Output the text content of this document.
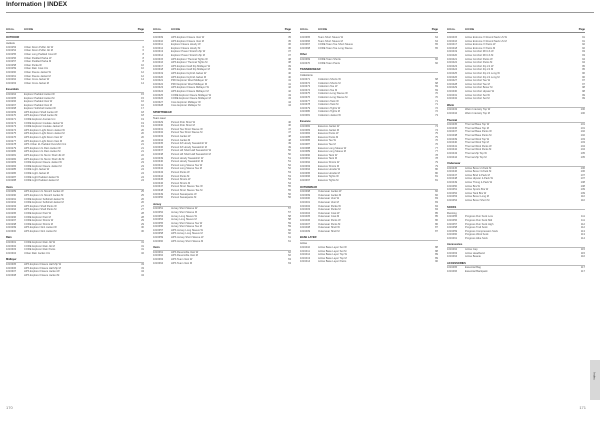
Information | INDEX
Art no.	Art title	Page
OUTDOOR
Jackets
1016253	Urban Down Puffer Jkt W	6
1016254	Urban Down Puffer Jkt M	6
1016255	Urban Long Padded Coat W	8
1016256	Urban Padded Parka W	8
1016257	Urban Padded Parka M	8
1016258	Urban Parka W	10
1016259	Urban Rain Coat Uni	10
1016260	Urban Fleece Jacket W	12
1016261	Urban Fleece Jacket M	12
1016262	Urban Crew Jacket W	14
1016263	Urban Crew Jacket M	14
Essentials
1016264	Explorer Padded Jacket W	15
1016265	Explorer Padded Jacket M	15
1016266	Explorer Padded Vest W	16
1016267	Explorer Padded Vest M	16
1016268	Explorer Softshell Jacket W	17
1016269	HPS Explorer Shell Jacket W	18
1016270	HPS Explorer Shell Jacket M	18
1016271	CORE Explorer Anorak Uni	19
1016272	CORE Explorer Insulate Jacket W	19
1016273	CORE Explorer Insulate Jacket M	19
1016274	HPS Explorer Light Down Jacket W	20
1016275	HPS Explorer Light Down Jacket M	20
1016276	HPS Explorer Light Down Vest W	20
1016277	HPS Explorer Light Down Vest M	20
1016278	HPS Urban 2L Padded Overshirt Uni	21
1016279	HPS Explorer 2L Rain Jacket W	21
1016280	HPS Explorer 2L Rain Jacket M	21
1016281	HPS Explorer 3L Storm Shell Jkt W	22
1016282	HPS Explorer 3L Storm Shell Jkt M	22
1016283	CORE Explorer Fleece Jacket W	23
1016284	CORE Explorer Fleece Jacket M	23
1016285	CORE Light Jacket W	24
1016286	CORE Light Jacket M	24
1016287	CORE Light Padded Jacket W	24
1016288	CORE Light Padded Jacket M	24
Vests
1016289	HPS Explorer 2L Stretch Jacket W	25
1016290	HPS Explorer 2L Stretch Jacket M	25
1016291	CORE Explorer Softshell Jacket W	26
1016292	CORE Explorer Softshell Jacket M	26
1016293	HPS Explorer Shell Pants W	27
1016294	HPS Explorer Shell Pants M	27
1016295	CORE Explorer Pant W	28
1016296	CORE Explorer Pant M	28
1016297	CORE Explorer Shorts W	29
1016298	CORE Explorer Shorts M	29
1016299	HPS Explorer 3in1 Jacket W	30
1016300	HPS Explorer 3in1 Jacket M	30
Rain
1016301	CORE Explorer Rain Jkt W	31
1016302	CORE Explorer Rain Jkt M	31
1016303	CORE Explorer Rain Pants	31
1016304	Urban Rain Jacket Uni	32
Midlayer
1016305	HPS Explorer Fleece Half Zip W	33
1016306	HPS Explorer Fleece Half Zip M	33
1016307	HPS Explorer Fleece Jacket W	34
1016308	HPS Explorer Fleece Jacket M	34
Art no.	Art title	Page
1016309	HPS Explorer Fleece Vest W	35
1016310	HPS Explorer Fleece Vest M	35
1016311	Explorer Fleece Hoody W	36
1016312	Explorer Fleece Hoody M	36
1016313	Explorer Power Stretch Zip W	37
1016314	Explorer Power Stretch Zip M	37
1016315	HPS Explorer Thermal Tights W	38
1016316	HPS Explorer Thermal Tights M	38
1016317	HPS Explorer Half Zip Midlayer W	39
1016318	HPS Explorer Half Zip Midlayer M	39
1016319	HPS Explorer Hybrid Jacket W	40
1016320	HPS Explorer Hybrid Jacket M	40
1016321	PRO Explorer Wool Midlayer W	41
1016322	PRO Explorer Wool Midlayer M	41
1016323	HPS Explorer Fleece Midlayer W	42
1016324	HPS Explorer Fleece Midlayer M	42
1016325	CORE Explorer Fleece Midlayer W	43
1016326	CORE Explorer Fleece Midlayer M	43
1016327	Core Explorer Midlayer W	44
1016328	Core Explorer Midlayer M	44
SPORTSWEAR
Team wear
1016329	Pursuit Polo Short W	46
1016330	Pursuit Polo Short M	46
1016331	Pursuit Tee Short Sleeve W	47
1016332	Pursuit Tee Short Sleeve M	47
1016333	Pursuit Jacket W	48
1016334	Pursuit Jacket M	48
1016335	Pursuit FZ Hoody Sweatshirt W	49
1016336	Pursuit FZ Hoody Sweatshirt M	49
1016337	Pursuit HZ Shell Half Sweatshirt W	50
1016338	Pursuit HZ Shell Half Sweatshirt M	50
1016339	Pursuit Hoody Sweatshirt W	51
1016340	Pursuit Hoody Sweatshirt M	51
1016341	Pursuit Long Sleeve Tee W	52
1016342	Pursuit Long Sleeve Tee M	52
1016343	Pursuit Pants W	53
1016344	Pursuit Pants M	53
1016345	Pursuit Shorts W	54
1016346	Pursuit Shorts M	54
1016347	Pursuit Short Sleeve Tee W	55
1016348	Pursuit Short Sleeve Tee M	55
1016349	Pursuit Sweatpants W	56
1016350	Pursuit Sweatpants M	56
Jersey
1016351	Jersey Short Sleeve W	57
1016352	Jersey Short Sleeve M	57
1016353	Jersey Long Sleeve W	58
1016354	Jersey Long Sleeve M	58
1016355	Jersey Short Sleeve Tee W	59
1016356	Jersey Short Sleeve Tee M	59
1016357	HPS Jersey Long Sleeve W	60
1016358	HPS Jersey Long Sleeve M	60
1016359	HPS Jersey Short Sleeve W	61
1016360	HPS Jersey Short Sleeve M	61
Vests
1016361	HPS Reversible Vest W	62
1016362	HPS Reversible Vest M	62
1016363	HPS Team Vest W	63
1016364	HPS Team Vest M	63
Art no.	Art title	Page
1016365	Team Short Sleeve W	64
1016366	Team Short Sleeve M	64
1016367	CORE Team Tee Short Sleeve	65
1016368	CORE Team Tee Long Sleeve	65
Other
1016369	CORE Team Shorts	66
1016370	CORE Team Pants	66
TRAININGWEAR
Collections
1016371	Collection Shorts W	68
1016372	Collection Shorts M	68
1016373	Collection Tee W	69
1016374	Collection Tee M	69
1016375	Collection Long Sleeve W	70
1016376	Collection Long Sleeve M	70
1016377	Collection Tank W	71
1016378	Collection Tank M	71
1016379	Collection Tights W	72
1016380	Collection Tights M	72
1016381	Collection Jacket W	73
Essence
1016382	Essence Jacket W	74
1016383	Essence Jacket M	74
1016384	Essence Pants W	75
1016385	Essence Pants M	75
1016386	Essence Tee W	76
1016387	Essence Tee M	76
1016388	Essence Long Sleeve W	77
1016389	Essence Long Sleeve M	77
1016390	Essence Tank W	78
1016391	Essence Tank M	78
1016392	Essence Shorts W	79
1016393	Essence Shorts M	79
1016394	Essence Hoodie W	80
1016395	Essence Hoodie M	80
1016396	Essence Tights W	81
1016397	Essence Tights M	81
OUTERWEAR
1016398	Outerwear Jacket W	82
1016399	Outerwear Jacket M	82
1016400	Outerwear Vest W	83
1016401	Outerwear Vest M	83
1016402	Outerwear Parka W	84
1016403	Outerwear Parka M	84
1016404	Outerwear Coat W	85
1016405	Outerwear Coat M	85
1016406	Outerwear Pants W	86
1016407	Outerwear Pants M	86
1016408	Outerwear Shell W	87
1016409	Outerwear Shell M	87
BASE LAYER
Active
1016410	Active Base Layer Set W	88
1016411	Active Base Layer Set M	88
1016412	Active Base Layer Top W	89
1016413	Active Base Layer Top M	89
1016414	Active Base Layer Pants	90
Art no.	Art title	Page
1016415	Active Extreme X Round Neck LS W	91
1016416	Active Extreme X Round Neck LS M	91
1016417	Active Extreme X Pants W	92
1016418	Active Extreme X Pants M	92
1016419	Active Comfort RN LS W	93
1016420	Active Comfort RN LS M	93
1016421	Active Comfort Pants W	94
1016422	Active Comfort Pants M	94
1016423	Active Comfort Zip LS W	95
1016424	Active Comfort Zip LS M	95
1016425	Active Comfort Zip LS Long W	96
1016426	Active Comfort Zip LS Long M	96
1016427	Active Comfort Tee W	97
1016428	Active Comfort Tee M	97
1016429	Active Comfort Boxer M	98
1016430	Active Comfort Hipster W	98
1016431	Active Comfort Set W	99
1016432	Active Comfort Set M	99
Warm
1016433	Warm Intensity Top W	100
1016434	Warm Intensity Top M	100
Thermal
1016435	Thermal Base Top W	101
1016436	Thermal Base Top M	101
1016437	Thermal Base Pants W	102
1016438	Thermal Base Pants M	102
1016439	Thermal Wool Top W	103
1016440	Thermal Wool Top M	103
1016441	Thermal Wool Pants W	104
1016442	Thermal Wool Pants M	104
1016443	Thermal Zip Top W	105
1016444	Thermal Zip Top M	105
Underwear
1016445	Active Boxer 2-Pack M	106
1016446	Active Boxer 3-Pack M	106
1016447	Active Brief 2-Pack M	107
1016448	Active Hipster 2-Pack W	107
1016449	Active Thong 2-Pack W	108
1016450	Active Bra W	108
1016451	Active Sports Bra W	109
1016452	Active Tank Bra W	109
1016453	Active Boxer Long M	110
1016454	Active Boxer Short M	110
SOCKS
Running
1016455	Progress Run Sock Low	111
1016456	Progress Run Sock Mid	111
1016457	Progress Run Sock High	112
1016458	Progress Trail Sock	112
1016459	Progress Compression Sock	113
1016460	Progress Wool Sock	113
1016461	Progress Hike Sock	114
Accessories
1016462	Active Cap	115
1016463	Active Headband	115
1016464	Active Beanie	116
ACCESSORIES
1016465	Essential Bag	117
1016466	Essential Backpack	117
170	171
Index
